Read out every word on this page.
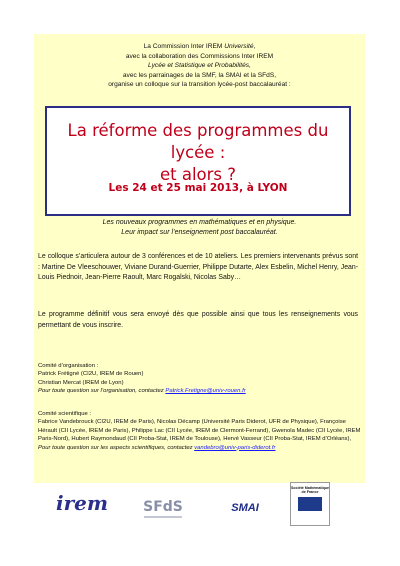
La Commission Inter IREM Université,
avec la collaboration des Commissions Inter IREM
Lycée et Statistique et Probabilités,
avec les parrainages de la SMF, la SMAI et la SFdS,
organise un colloque sur la transition lycée-post baccalauréat :
La réforme des programmes du lycée :
et alors ?
Les 24 et 25 mai 2013, à LYON
Les nouveaux programmes en mathématiques et en physique.
Leur impact sur l’enseignement post baccalauréat.
Le colloque s’articulera autour de 3 conférences et de 10 ateliers. Les premiers intervenants prévus sont : Martine De Vleeschouwer, Viviane Durand-Guerrier, Philippe Dutarte, Alex Esbelin, Michel Henry, Jean-Louis Piednoir, Jean-Pierre Raoult, Marc Rogalski, Nicolas Saby…
Le programme définitif vous sera envoyé dès que possible ainsi que tous les renseignements vous permettant de vous inscrire.
Comité d’organisation :
Patrick Frétigné (CI2U, IREM de Rouen)
Christian Mercat (IREM de Lyon)
Pour toute question sur l’organisation, contactez Patrick.Fretigne@univ-rouen.fr
Comité scientifique :
Fabrice Vandebrouck (CI2U, IREM de Paris), Nicolas Décamp (Université Paris Diderot, UFR de Physique), Françoise Hérault (CII Lycée, IREM de Paris), Philippe Lac (CII Lycée, IREM de Clermont-Ferrand), Gwenola Madec (CII Lycée, IREM Paris-Nord), Hubert Raymondaud (CII Proba-Stat, IREM de Toulouse), Hervé Vasseur (CII Proba-Stat, IREM d’Orléans),
Pour toute question sur les aspects scientifiques, contactez vandebro@univ-paris-diderot.fr
irem	SFdS	SMAI
Société Mathématique de France
